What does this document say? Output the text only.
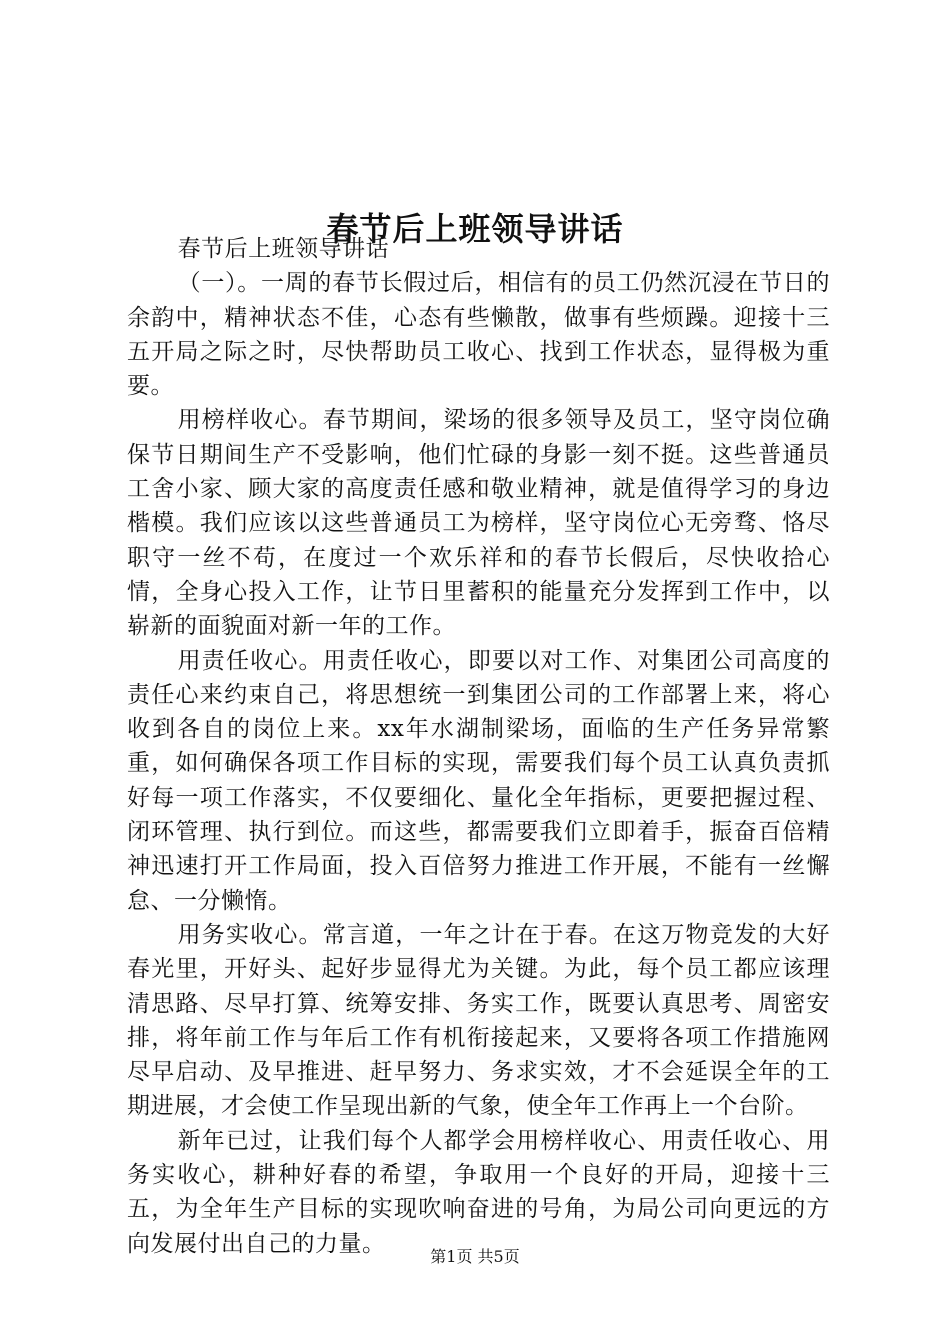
春节后上班领导讲话

春节后上班领导讲话

（一）。一周的春节长假过后，相信有的员工仍然沉浸在节日的余韵中，精神状态不佳，心态有些懒散，做事有些烦躁。迎接十三五开局之际之时，尽快帮助员工收心、找到工作状态，显得极为重要。

用榜样收心。春节期间，梁场的很多领导及员工，坚守岗位确保节日期间生产不受影响，他们忙碌的身影一刻不挺。这些普通员工舍小家、顾大家的高度责任感和敬业精神，就是值得学习的身边楷模。我们应该以这些普通员工为榜样，坚守岗位心无旁骛、恪尽职守一丝不苟，在度过一个欢乐祥和的春节长假后，尽快收拾心情，全身心投入工作，让节日里蓄积的能量充分发挥到工作中，以崭新的面貌面对新一年的工作。

用责任收心。用责任收心，即要以对工作、对集团公司高度的责任心来约束自己，将思想统一到集团公司的工作部署上来，将心收到各自的岗位上来。xx年水湖制梁场，面临的生产任务异常繁重，如何确保各项工作目标的实现，需要我们每个员工认真负责抓好每一项工作落实，不仅要细化、量化全年指标，更要把握过程、闭环管理、执行到位。而这些，都需要我们立即着手，振奋百倍精神迅速打开工作局面，投入百倍努力推进工作开展，不能有一丝懈怠、一分懒惰。

用务实收心。常言道，一年之计在于春。在这万物竞发的大好春光里，开好头、起好步显得尤为关键。为此，每个员工都应该理清思路、尽早打算、统筹安排、务实工作，既要认真思考、周密安排，将年前工作与年后工作有机衔接起来，又要将各项工作措施网尽早启动、及早推进、赶早努力、务求实效，才不会延误全年的工期进展，才会使工作呈现出新的气象，使全年工作再上一个台阶。

新年已过，让我们每个人都学会用榜样收心、用责任收心、用务实收心，耕种好春的希望，争取用一个良好的开局，迎接十三五，为全年生产目标的实现吹响奋进的号角，为局公司向更远的方向发展付出自己的力量。	第1页 共5页
